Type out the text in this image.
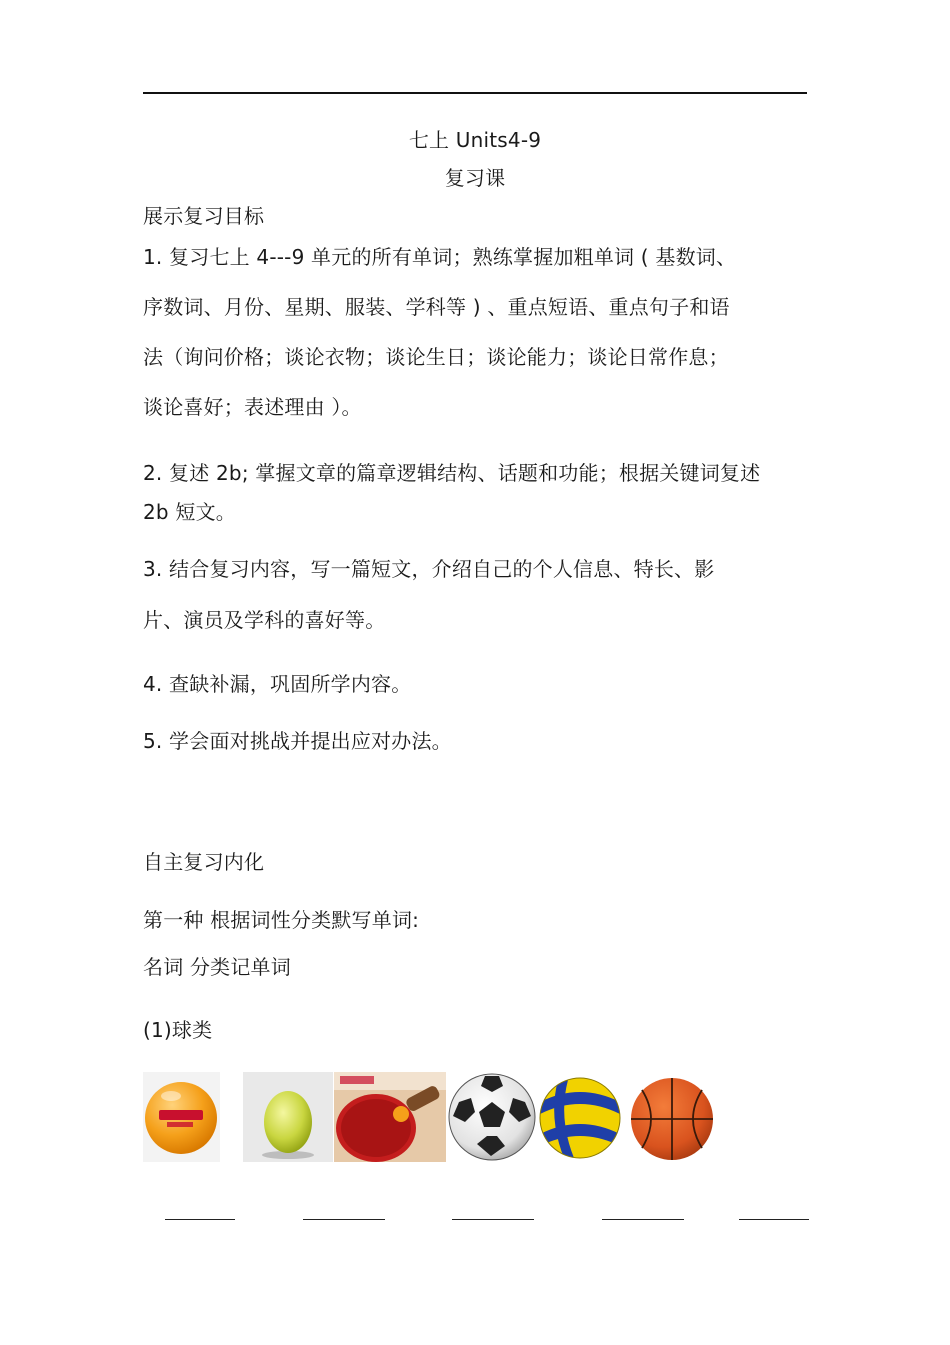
七上 Units4-9
复习课
展示复习目标
1. 复习七上 4---9 单元的所有单词；熟练掌握加粗单词 ( 基数词、
序数词、月份、星期、服装、学科等 ) 、重点短语、重点句子和语
法（询问价格；谈论衣物；谈论生日；谈论能力；谈论日常作息；
谈论喜好；表述理由 ）。
2. 复述 2b; 掌握文章的篇章逻辑结构、话题和功能；根据关键词复述
2b 短文。
3. 结合复习内容，写一篇短文，介绍自己的个人信息、特长、影
片、演员及学科的喜好等。
4. 查缺补漏，巩固所学内容。
5. 学会面对挑战并提出应对办法。
自主复习内化
第一种 根据词性分类默写单词:
名词 分类记单词
(1)球类
